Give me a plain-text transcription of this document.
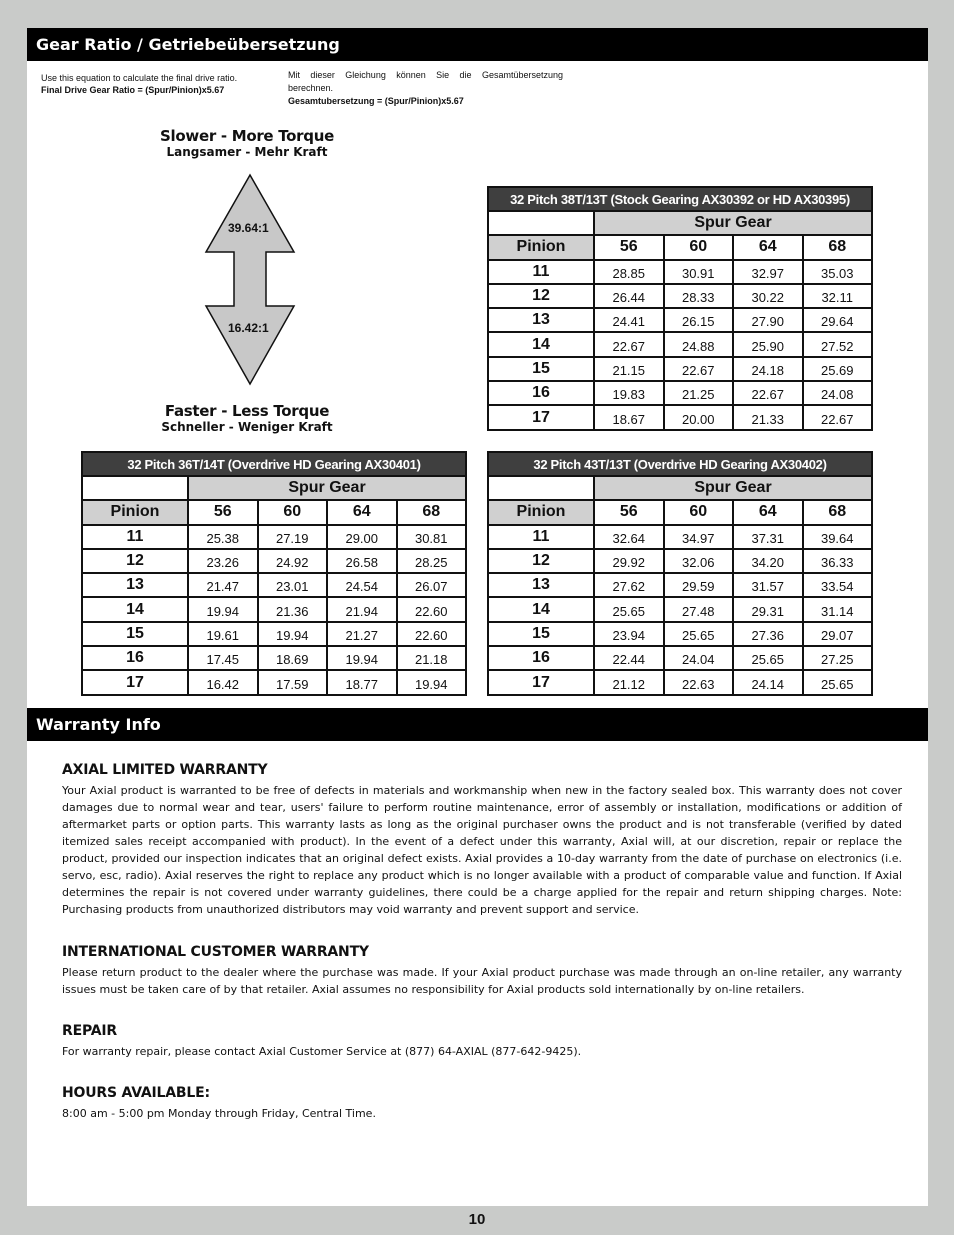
Gear Ratio / Getriebeübersetzung
Use this equation to calculate the final drive ratio.
Final Drive Gear Ratio = (Spur/Pinion)x5.67
Mit dieser Gleichung können Sie die Gesamtübersetzung berechnen.
Gesamtubersetzung = (Spur/Pinion)x5.67
Slower - More Torque
Langsamer - Mehr Kraft
39.64:1
16.42:1
Faster - Less Torque
Schneller - Weniger Kraft
32 Pitch 38T/13T (Stock Gearing AX30392 or HD AX30395)				
	Spur Gear			
Pinion	56	60	64	68
11	28.85	30.91	32.97	35.03
12	26.44	28.33	30.22	32.11
13	24.41	26.15	27.90	29.64
14	22.67	24.88	25.90	27.52
15	21.15	22.67	24.18	25.69
16	19.83	21.25	22.67	24.08
17	18.67	20.00	21.33	22.67
32 Pitch 36T/14T (Overdrive HD Gearing AX30401)				
	Spur Gear			
Pinion	56	60	64	68
11	25.38	27.19	29.00	30.81
12	23.26	24.92	26.58	28.25
13	21.47	23.01	24.54	26.07
14	19.94	21.36	21.94	22.60
15	19.61	19.94	21.27	22.60
16	17.45	18.69	19.94	21.18
17	16.42	17.59	18.77	19.94
32 Pitch 43T/13T (Overdrive HD Gearing AX30402)				
	Spur Gear			
Pinion	56	60	64	68
11	32.64	34.97	37.31	39.64
12	29.92	32.06	34.20	36.33
13	27.62	29.59	31.57	33.54
14	25.65	27.48	29.31	31.14
15	23.94	25.65	27.36	29.07
16	22.44	24.04	25.65	27.25
17	21.12	22.63	24.14	25.65
Warranty Info
AXIAL LIMITED WARRANTY

Your Axial product is warranted to be free of defects in materials and workmanship when new in the factory sealed box. This warranty does not cover damages due to normal wear and tear, users' failure to perform routine maintenance, error of assembly or installation, modifications or addition of aftermarket parts or option parts. This warranty lasts as long as the original purchaser owns the product and is not transferable (verified by dated itemized sales receipt accompanied with product). In the event of a defect under this warranty, Axial will, at our discretion, repair or replace the product, provided our inspection indicates that an original defect exists. Axial provides a 10-day warranty from the date of purchase on electronics (i.e. servo, esc, radio). Axial reserves the right to replace any product which is no longer available with a product of comparable value and function. If Axial determines the repair is not covered under warranty guidelines, there could be a charge applied for the repair and return shipping charges. Note: Purchasing products from unauthorized distributors may void warranty and prevent support and service.

INTERNATIONAL CUSTOMER WARRANTY

Please return product to the dealer where the purchase was made. If your Axial product purchase was made through an on-line retailer, any warranty issues must be taken care of by that retailer. Axial assumes no responsibility for Axial products sold internationally by on-line retailers.

REPAIR

For warranty repair, please contact Axial Customer Service at (877) 64-AXIAL (877-642-9425).

HOURS AVAILABLE:

8:00 am - 5:00 pm Monday through Friday, Central Time.

10
